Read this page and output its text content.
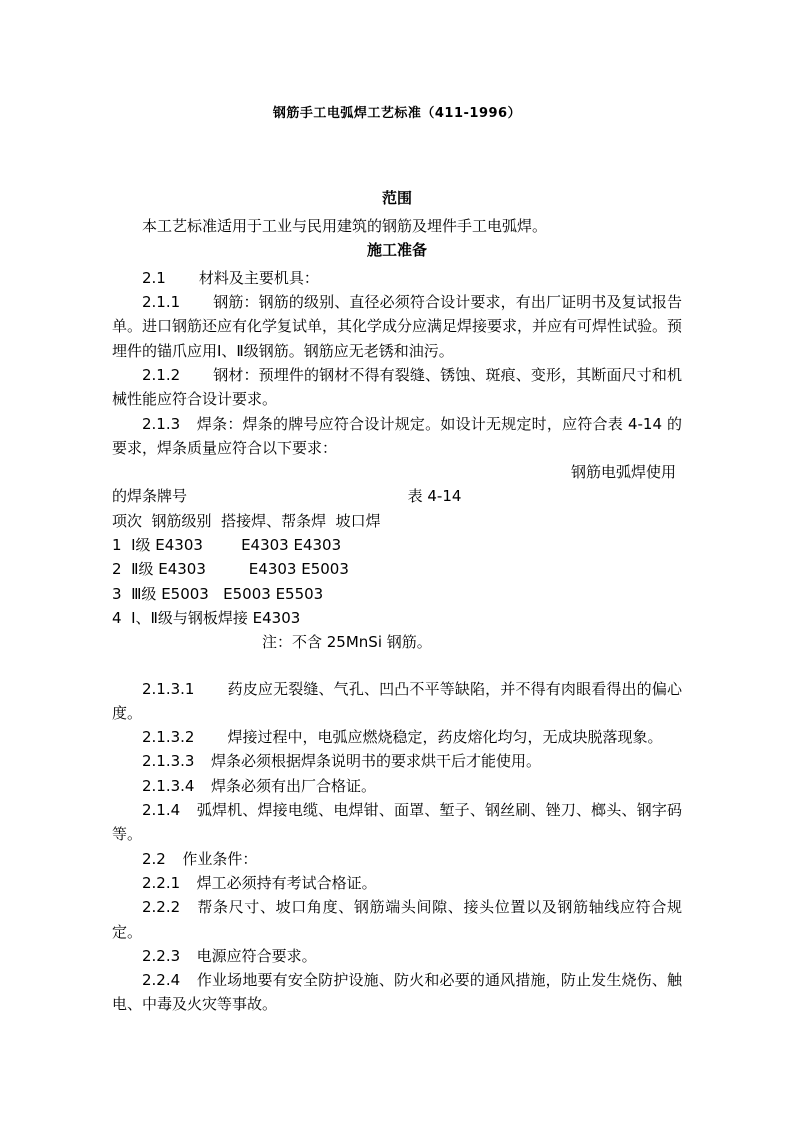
钢筋手工电弧焊工艺标准（411-1996）
范围

本工艺标准适用于工业与民用建筑的钢筋及埋件手工电弧焊。

施工准备

2.1 材料及主要机具：

2.1.1 钢筋：钢筋的级别、直径必须符合设计要求，有出厂证明书及复试报告单。进口钢筋还应有化学复试单，其化学成分应满足焊接要求，并应有可焊性试验。预埋件的锚爪应用Ⅰ、Ⅱ级钢筋。钢筋应无老锈和油污。

2.1.2 钢材：预埋件的钢材不得有裂缝、锈蚀、斑痕、变形，其断面尺寸和机械性能应符合设计要求。

2.1.3 焊条：焊条的牌号应符合设计规定。如设计无规定时，应符合表 4-14 的要求，焊条质量应符合以下要求：

钢筋电弧焊使用

的焊条牌号	表 4-14

项次  钢筋级别  搭接焊、帮条焊  坡口焊

1  Ⅰ级 E4303        E4303 E4303

2  Ⅱ级 E4303         E4303 E5003

3  Ⅲ级 E5003   E5003 E5503

4  Ⅰ、Ⅱ级与钢板焊接 E4303

注：不含 25MnSi 钢筋。

2.1.3.1 药皮应无裂缝、气孔、凹凸不平等缺陷，并不得有肉眼看得出的偏心度。

2.1.3.2 焊接过程中，电弧应燃烧稳定，药皮熔化均匀，无成块脱落现象。

2.1.3.3 焊条必须根据焊条说明书的要求烘干后才能使用。

2.1.3.4 焊条必须有出厂合格证。

2.1.4 弧焊机、焊接电缆、电焊钳、面罩、堑子、钢丝刷、锉刀、榔头、钢字码等。

2.2 作业条件：

2.2.1 焊工必须持有考试合格证。

2.2.2 帮条尺寸、坡口角度、钢筋端头间隙、接头位置以及钢筋轴线应符合规定。

2.2.3 电源应符合要求。

2.2.4 作业场地要有安全防护设施、防火和必要的通风措施，防止发生烧伤、触电、中毒及火灾等事故。
